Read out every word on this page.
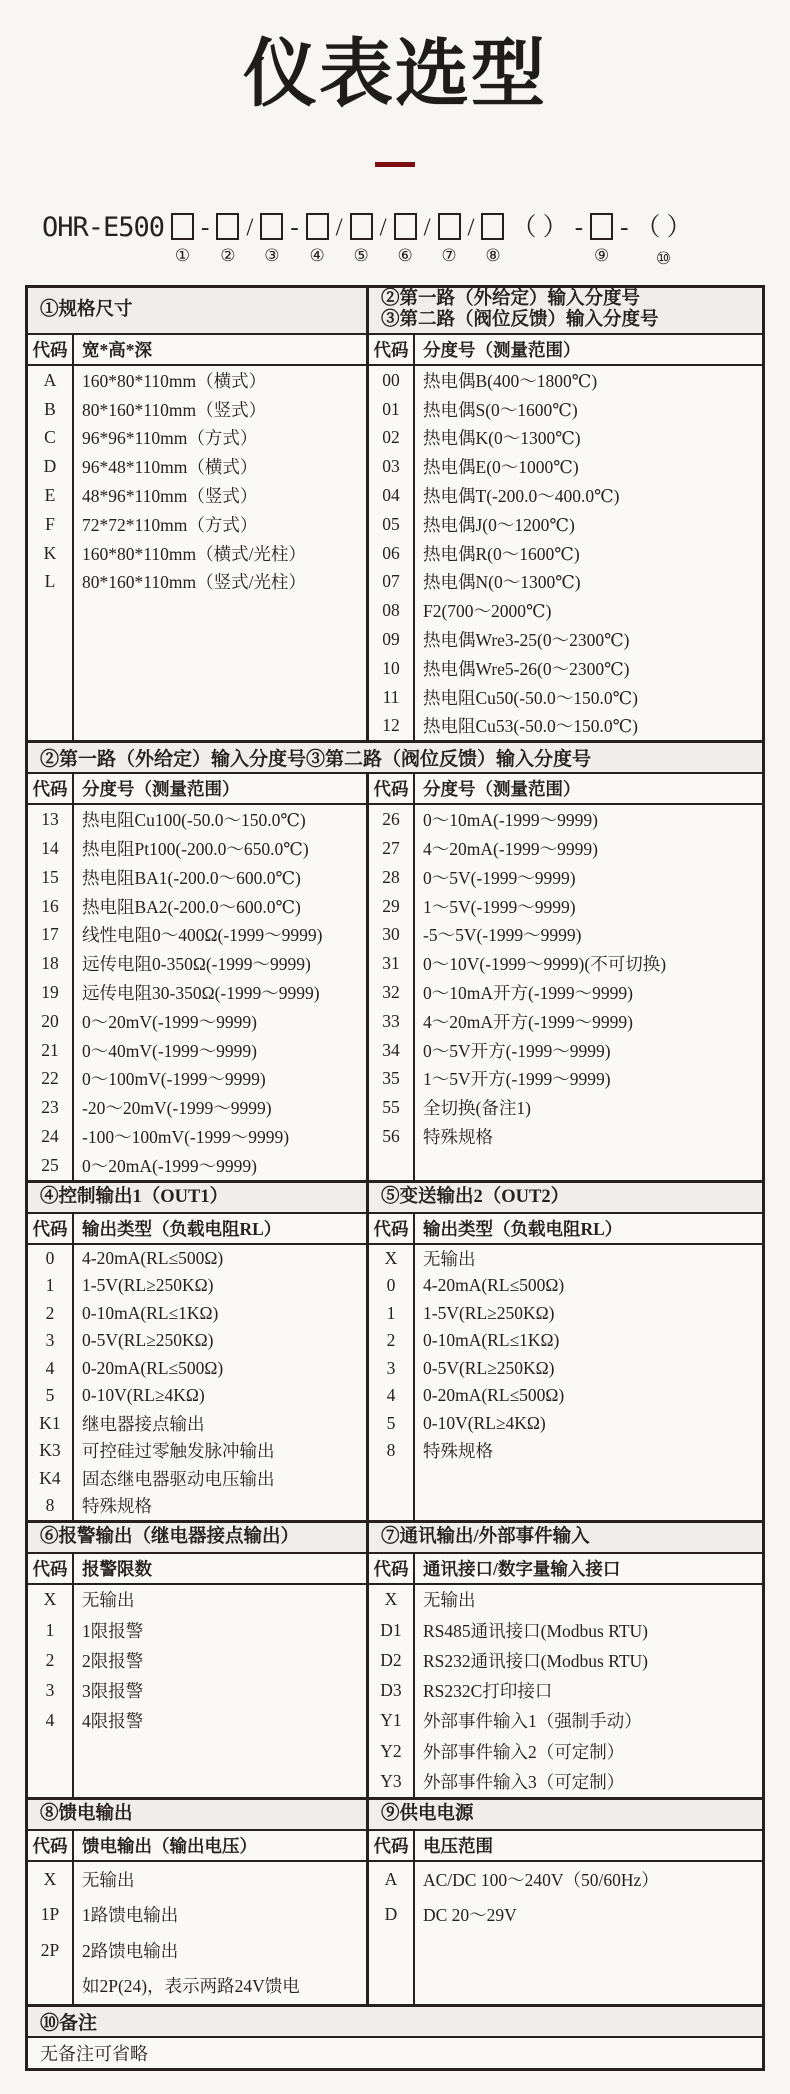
仪表选型
OHR-E500

①
-

②
/

③
-

④
/

⑤
/

⑥
/

⑦
/

⑧
（ ）
-

⑨
-
（ ）
⑩
①规格尺寸
②第一路（外给定）输入分度号
③第二路（阀位反馈）输入分度号
代码 宽*高*深
A	160*80*110mm（横式）
B	80*160*110mm（竖式）
C	96*96*110mm（方式）
D	96*48*110mm（横式）
E	48*96*110mm（竖式）
F	72*72*110mm（方式）
K	160*80*110mm（横式/光柱）
L	80*160*110mm（竖式/光柱）
代码 分度号（测量范围）
00	热电偶B(400～1800℃)
01	热电偶S(0～1600℃)
02	热电偶K(0～1300℃)
03	热电偶E(0～1000℃)
04	热电偶T(-200.0～400.0℃)
05	热电偶J(0～1200℃)
06	热电偶R(0～1600℃)
07	热电偶N(0～1300℃)
08	F2(700～2000℃)
09	热电偶Wre3-25(0～2300℃)
10	热电偶Wre5-26(0～2300℃)
11	热电阻Cu50(-50.0～150.0℃)
12	热电阻Cu53(-50.0～150.0℃)
②第一路（外给定）输入分度号③第二路（阀位反馈）输入分度号
代码 分度号（测量范围）
13	热电阻Cu100(-50.0～150.0℃)
14	热电阻Pt100(-200.0～650.0℃)
15	热电阻BA1(-200.0～600.0℃)
16	热电阻BA2(-200.0～600.0℃)
17	线性电阻0～400Ω(-1999～9999)
18	远传电阻0-350Ω(-1999～9999)
19	远传电阻30-350Ω(-1999～9999)
20	0～20mV(-1999～9999)
21	0～40mV(-1999～9999)
22	0～100mV(-1999～9999)
23	-20～20mV(-1999～9999)
24	-100～100mV(-1999～9999)
25	0～20mA(-1999～9999)
代码 分度号（测量范围）
26	0～10mA(-1999～9999)
27	4～20mA(-1999～9999)
28	0～5V(-1999～9999)
29	1～5V(-1999～9999)
30	-5～5V(-1999～9999)
31	0～10V(-1999～9999)(不可切换)
32	0～10mA开方(-1999～9999)
33	4～20mA开方(-1999～9999)
34	0～5V开方(-1999～9999)
35	1～5V开方(-1999～9999)
55	全切换(备注1)
56	特殊规格
④控制输出1（OUT1）	⑤变送输出2（OUT2）
代码 输出类型（负载电阻RL）
0	4-20mA(RL≤500Ω)
1	1-5V(RL≥250KΩ)
2	0-10mA(RL≤1KΩ)
3	0-5V(RL≥250KΩ)
4	0-20mA(RL≤500Ω)
5	0-10V(RL≥4KΩ)
K1	继电器接点输出
K3	可控硅过零触发脉冲输出
K4	固态继电器驱动电压输出
8	特殊规格
代码 输出类型（负载电阻RL）
X	无输出
0	4-20mA(RL≤500Ω)
1	1-5V(RL≥250KΩ)
2	0-10mA(RL≤1KΩ)
3	0-5V(RL≥250KΩ)
4	0-20mA(RL≤500Ω)
5	0-10V(RL≥4KΩ)
8	特殊规格
⑥报警输出（继电器接点输出）	⑦通讯输出/外部事件输入
代码 报警限数
X	无输出
1	1限报警
2	2限报警
3	3限报警
4	4限报警
代码 通讯接口/数字量输入接口
X	无输出
D1	RS485通讯接口(Modbus RTU)
D2	RS232通讯接口(Modbus RTU)
D3	RS232C打印接口
Y1	外部事件输入1（强制手动）
Y2	外部事件输入2（可定制）
Y3	外部事件输入3（可定制）
⑧馈电输出	⑨供电电源
代码 馈电输出（输出电压）
X	无输出
1P	1路馈电输出
2P	2路馈电输出
如2P(24)，表示两路24V馈电
代码 电压范围
A	AC/DC 100～240V（50/60Hz）
D	DC 20～29V
⑩备注
无备注可省略
